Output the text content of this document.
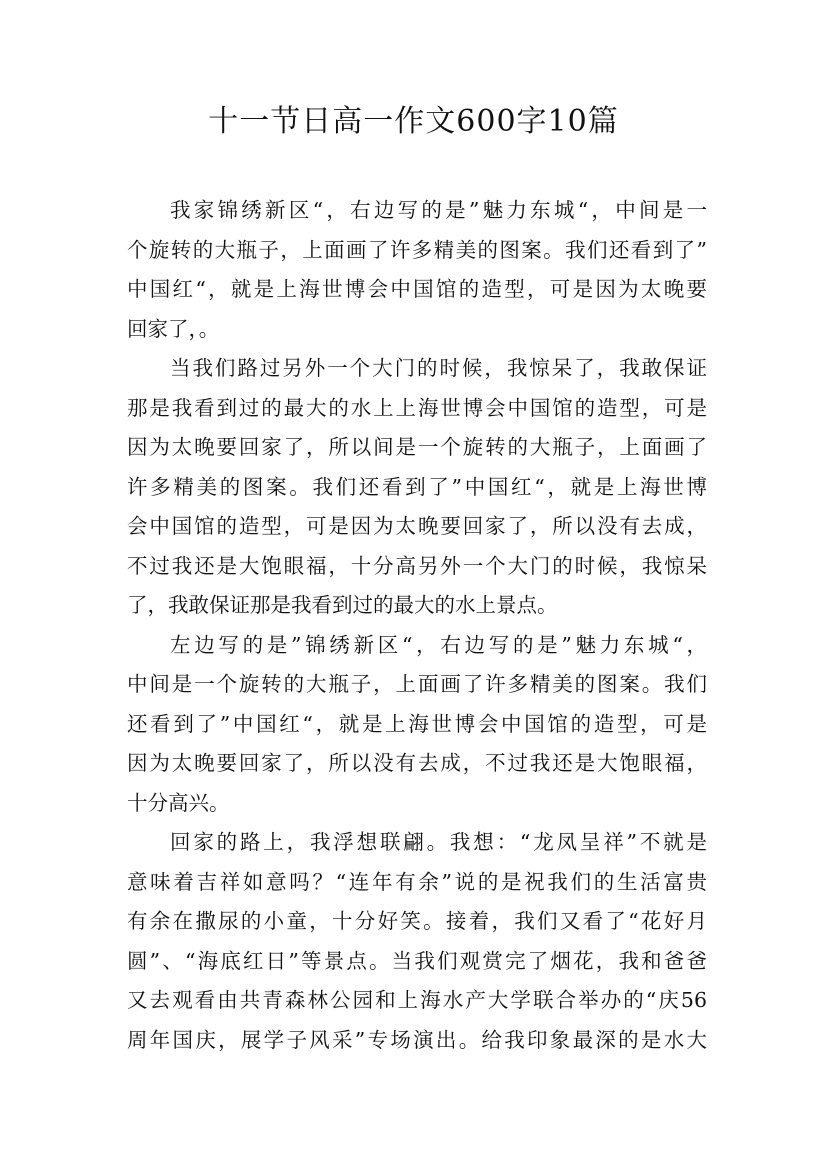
十一节日高一作文600字10篇
我家锦绣新区“，右边写的是”魅力东城“，中间是一
个旋转的大瓶子，上面画了许多精美的图案。我们还看到了”
中国红“，就是上海世博会中国馆的造型，可是因为太晚要
回家了，。
当我们路过另外一个大门的时候，我惊呆了，我敢保证
那是我看到过的最大的水上上海世博会中国馆的造型，可是
因为太晚要回家了，所以间是一个旋转的大瓶子，上面画了
许多精美的图案。我们还看到了”中国红“，就是上海世博
会中国馆的造型，可是因为太晚要回家了，所以没有去成，
不过我还是大饱眼福，十分高另外一个大门的时候，我惊呆
了，我敢保证那是我看到过的最大的水上景点。
左边写的是”锦绣新区“，右边写的是”魅力东城“，
中间是一个旋转的大瓶子，上面画了许多精美的图案。我们
还看到了”中国红“，就是上海世博会中国馆的造型，可是
因为太晚要回家了，所以没有去成，不过我还是大饱眼福，
十分高兴。
回家的路上，我浮想联翩。我想：“龙凤呈祥”不就是
意味着吉祥如意吗？“连年有余”说的是祝我们的生活富贵
有余在撒尿的小童，十分好笑。接着，我们又看了“花好月
圆”、“海底红日”等景点。当我们观赏完了烟花，我和爸爸
又去观看由共青森林公园和上海水产大学联合举办的“庆56
周年国庆，展学子风采”专场演出。给我印象最深的是水大
